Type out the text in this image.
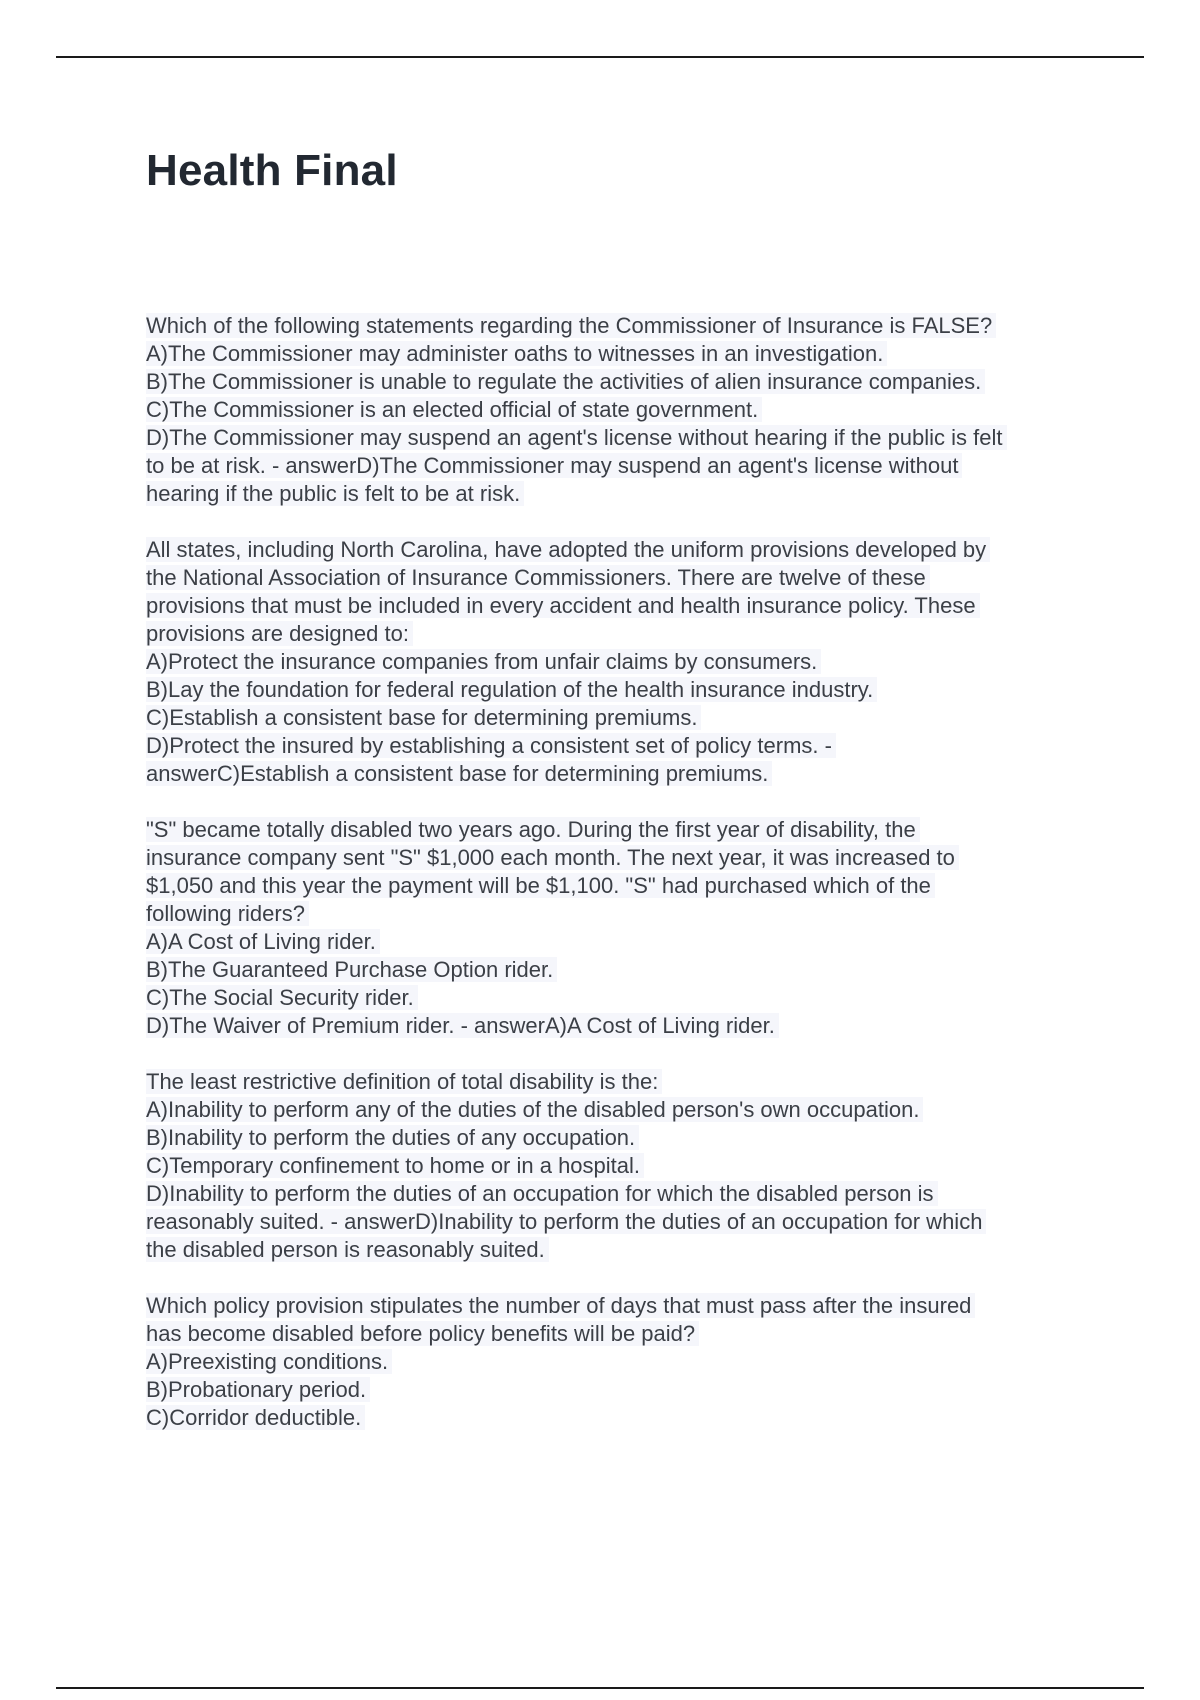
Health Final
Which of the following statements regarding the Commissioner of Insurance is FALSE?
A)The Commissioner may administer oaths to witnesses in an investigation.
B)The Commissioner is unable to regulate the activities of alien insurance companies.
C)The Commissioner is an elected official of state government.
D)The Commissioner may suspend an agent's license without hearing if the public is felt
to be at risk. - answerD)The Commissioner may suspend an agent's license without
hearing if the public is felt to be at risk.
All states, including North Carolina, have adopted the uniform provisions developed by
the National Association of Insurance Commissioners. There are twelve of these
provisions that must be included in every accident and health insurance policy. These
provisions are designed to:
A)Protect the insurance companies from unfair claims by consumers.
B)Lay the foundation for federal regulation of the health insurance industry.
C)Establish a consistent base for determining premiums.
D)Protect the insured by establishing a consistent set of policy terms. -
answerC)Establish a consistent base for determining premiums.
"S" became totally disabled two years ago. During the first year of disability, the
insurance company sent "S" $1,000 each month. The next year, it was increased to
$1,050 and this year the payment will be $1,100. "S" had purchased which of the
following riders?
A)A Cost of Living rider.
B)The Guaranteed Purchase Option rider.
C)The Social Security rider.
D)The Waiver of Premium rider. - answerA)A Cost of Living rider.
The least restrictive definition of total disability is the:
A)Inability to perform any of the duties of the disabled person's own occupation.
B)Inability to perform the duties of any occupation.
C)Temporary confinement to home or in a hospital.
D)Inability to perform the duties of an occupation for which the disabled person is
reasonably suited. - answerD)Inability to perform the duties of an occupation for which
the disabled person is reasonably suited.
Which policy provision stipulates the number of days that must pass after the insured
has become disabled before policy benefits will be paid?
A)Preexisting conditions.
B)Probationary period.
C)Corridor deductible.
